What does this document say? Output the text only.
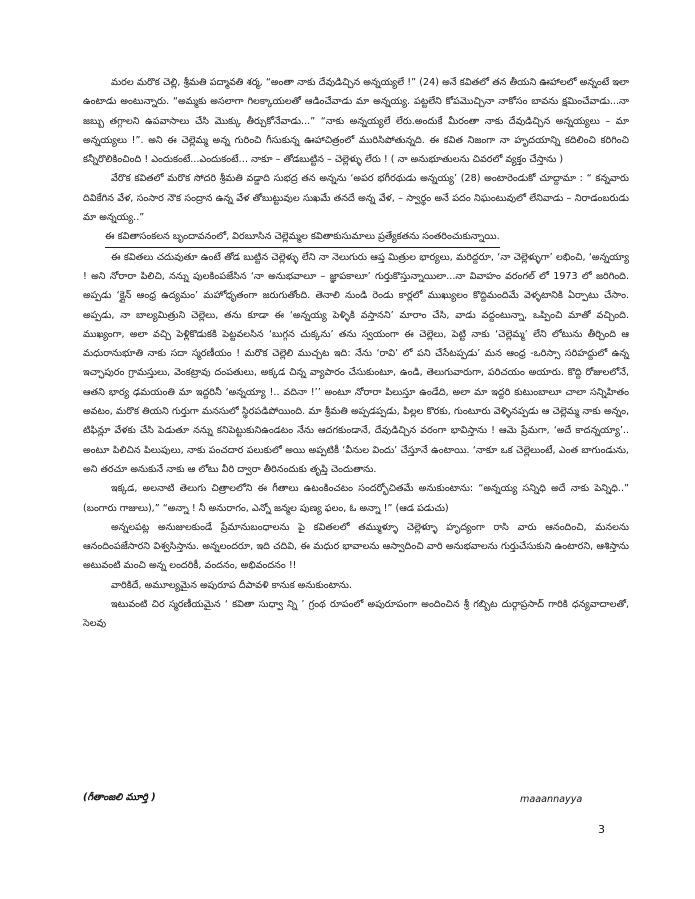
మరల మరొక చెల్లి, శ్రీమతి పద్మావతి శర్మ, “అంతా నాకు దేవుడిచ్చిన అన్నయ్యలే !” (24) అనే కవితలో తన తీయని ఊహాలలో అన్నంటే ఇలా ఉంటాడు అంటున్నారు. “అమ్మకు అసలాగా గిలక్కాయలతో ఆడించేవాడు మా అన్నయ్య. పట్టలేని కోపమొచ్చినా నాకోసం బావను క్షమించేవాడు...నా జబ్బు తగ్గాలని ఉపవాసాలు చేసి మొక్కు తీర్చుకోనేవాడు...” “నాకు అన్నయ్యలే లేరు.అందుకే మీరంతా నాకు దేవుడిచ్చిన అన్నయ్యలు – మా అన్నయ్యలు !”. అని ఈ చెల్లెమ్మ అన్న గురించి గీసుకున్న ఊహాచిత్రంలో మురిసిపోతున్నది. ఈ కవిత నిజంగా నా హృదయాన్ని కదిలించి కరిగించి కన్నీరొలికించింది ! ఎందుకంటే...ఎందుకంటే… నాకూ – తోడబుట్టిన – చెల్లెళ్ళు లేరు ! ( నా అనుభూతులను చివరలో వ్యక్తం చేస్తాను )

వేరొక కవితలో మరొక సోదరి శ్రీమతి వడ్డాది సుభద్ర తన అన్నను ‘అపర భగీరథుడు అన్నయ్య’ (28) అంటారెండుకో చూద్దామా : “ కన్నవారు దివికేగిన వేళ, సంసార నౌక సంద్రాన ఉన్న వేళ తోబుట్టువుల సుఖమే తనదే అన్న వేళ, – స్వార్థం అనే పదం నిఘంటువులో లేనివాడు – నిరాడంబరుడు మా అన్నయ్య..”

ఈ కవితాసంకలన బృందావనంలో, విరబూసిన చెల్లెమ్మల కవితాకుసుమాలు ప్రత్యేకతను సంతరించుకున్నాయి.

ఈ కవితలు చదువుతూ ఉంటే తోడ బుట్టిన చెల్లెళ్ళు లేని నా నెలుగురు ఆప్త మిత్రుల భార్యలు, మరిద్దరూ, ‘నా చెల్లెళ్ళుగా’ లభించి, ‘అన్నయ్యా ! అని నోరారా పిలిచి, నన్ను పులకింపజేసిన ‘నా అనుభవాలూ – జ్ఞాపకాలూ’ గుర్తుకొస్తున్నాయిలా...నా వివాహం వరంగల్ లో 1973 లో జరిగింది. అప్పడు ‘క్లైన్ ఆంధ్ర ఉద్యమం’ మహోధృతంగా జరుగుతోంది. తెనాలి నుండి రెండు కార్లలో ముఖ్యులం కొద్దిమందిమే వెళ్ళటానికి ఏర్పాటు చేసాం. అప్పడు, నా బాల్యమిత్రుని చెల్లెలు, తను కూడా ఈ ‘అన్నయ్య పెళ్ళికి వస్తానని’ మారాం చేసి, వాడు వద్దంటున్నా, ఒప్పించి మాతో వచ్చింది. ముఖ్యంగా, అలా వచ్చి పెళ్లికొడుకకి పెట్టవలసిన ‘బుగ్గన చుక్కను’ తను స్వయంగా ఈ చెల్లెలు, పెట్టి నాకు ‘చెల్లెమ్మ’ లేని లోటును తీర్చింది ఆ మధురానుభూతి నాకు సదా స్మరణీయం ! మరొక చెల్లెలి ముచ్చట ఇది: నేను ‘రావి’ లో పని చేసేటప్పడు’ మన ఆంధ్ర -ఒరిస్సా సరిహద్దులో ఉన్న ఇచ్ఛాపురం గ్రామస్తులు, వెంకట్రావు దంపతులు, అక్కడ చిన్న వ్యాపారం చేసుకుంటూ, ఉండి, తెలుగువారుగా, పరిచయం అయారు. కొద్ది రోజులలోనే, ఆతని భార్య ఢమయంతి మా ఇద్దరినీ ‘అన్నయ్యా !.. వదినా !’’ అంటూ నోరారా పిలుస్తూ ఉండేది, అలా మా ఇద్దరి కుటుంబాలూ చాలా సన్నిహితం అవటం, మరొక తియని గుర్తుగా మనసులో స్థిరపడిపోయింది. మా శ్రీమతి అప్పడప్పడు, పిల్లల కొరకు, గుంటూరు వెళ్ళినప్పడు ఆ చెల్లెమ్మ నాకు అన్నం, టిఫిన్లూ వేళకు చేసి పెడుతూ నన్ను కనిపెట్టుకునిఉండటం నేను ఆదగకుండానే, దేవుడిచ్చిన వరంగా భావిస్తాను ! ఆమె ప్రేమగా, ‘అదే కాదన్నయ్యా’.. అంటూ పిలిచిన పిలుపులు, నాకు పంచదార పలుకులో అయి అప్పటికీ ‘వీనుల విందు’ చేస్తూనే ఉంటాయి. ‘నాకూ ఒక చెల్లెలుంటే, ఎంత బాగుండును, అని తరచూ అనుకునే నాకు ఆ లోటు వీరి ద్వారా తీరినందుకు తృప్తి చెందుతాను.

ఇక్కడ, అలనాటి తెలుగు చిత్రాలలోని ఈ గీతాలు ఉటంకించటం సందర్భోచితమే అనుకుంటాను: “అన్నయ్య సన్నిధి అదే నాకు పెన్నిధి..” (బంగారు గాజులు),” “అన్నా ! నీ అనురాగం, ఎన్నో జన్మల పుణ్య ఫలం, ఓ అన్నా !” (ఆడ పడుచు)

అన్నలపట్ల అనుజులకుండే ప్రేమానుబంధాలను పై కవితలలో తమ్ముళ్ళూ చెల్లెళ్ళూ హృద్యంగా రాసి వారు ఆనందించి, మనలను ఆనందింపజేసారని విశ్వసిస్తాను. అన్నలందరూ, ఇది చదివి, ఈ మధుర భావాలను ఆస్వాదించి వారి అనుభవాలను గుర్తుచేసుకుని ఉంటారని, ఆశిస్తాను అటువంటి మంచి అన్న లందరికీ, వందనం, అభివందనం !!

వారికిదే, అమూల్యమైన అపురూప దీపావళి కానుక అనుకుంటాను.

ఇటువంటి చిర స్మరణీయమైన ‘ కవితా సుధ్వా న్ని ’ గ్రంథ రూపంలో అపురూపంగా అందించిన శ్రీ గబ్బిట దుర్గాప్రసాద్ గారికి ధన్యవాదాలతో, సెలవు

(గీతాంజలి మూర్తి )	maaannayya
3
